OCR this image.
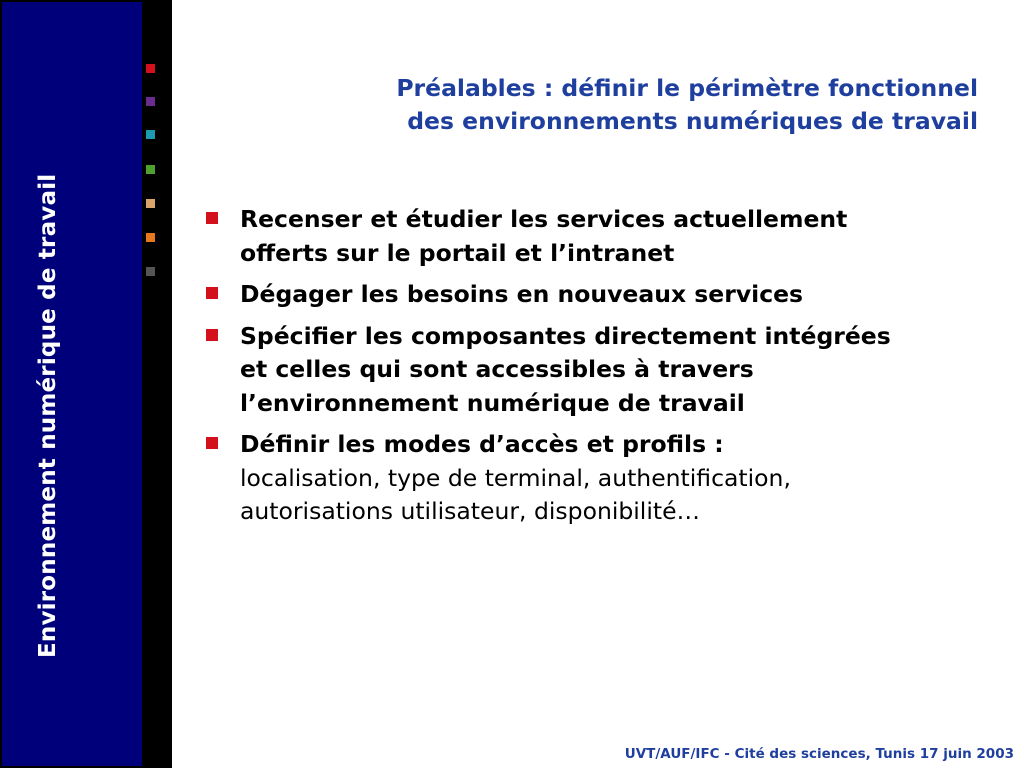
Environnement numérique de travail
Préalables : définir le périmètre fonctionnel
des environnements numériques de travail
Recenser et étudier les services actuellement offerts sur le portail et l’intranet
Dégager les besoins en nouveaux services
Spécifier les composantes directement intégrées et celles qui sont accessibles à travers l’environnement numérique de travail
Définir les modes d’accès et profils :
localisation, type de terminal, authentification, autorisations utilisateur, disponibilité…
UVT/AUF/IFC - Cité des sciences, Tunis 17 juin 2003
